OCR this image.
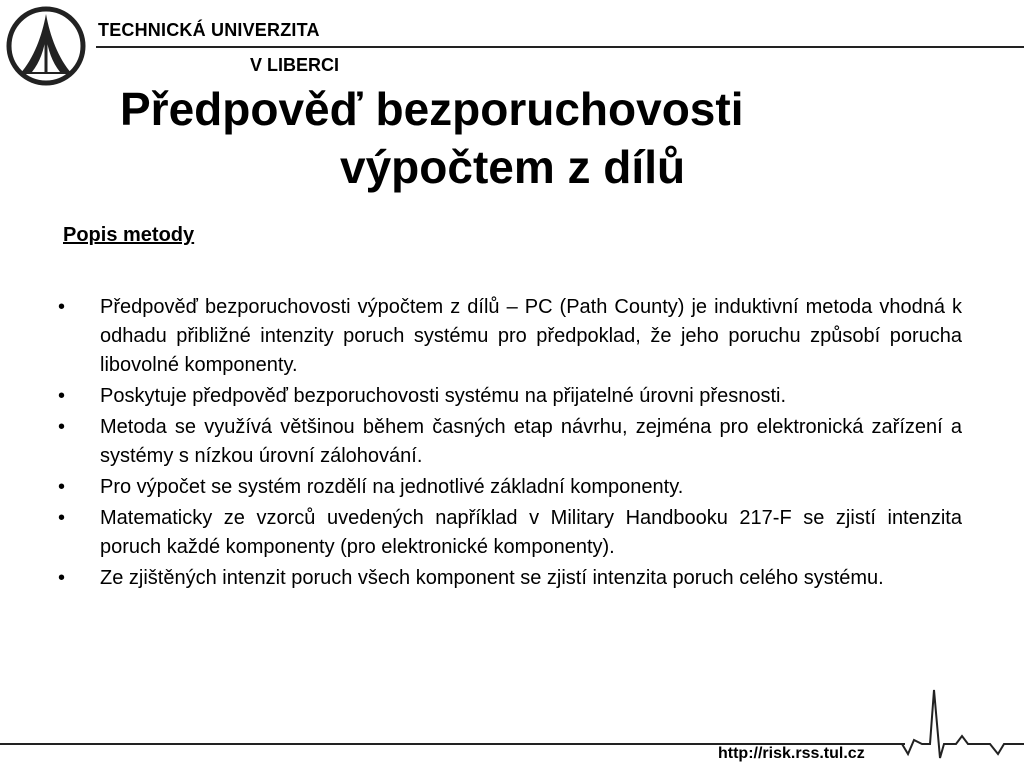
TECHNICKÁ UNIVERZITA
V LIBERCI
Předpověď bezporuchovosti
výpočtem z dílů
Popis metody
•	Předpověď bezporuchovosti výpočtem z dílů – PC (Path County) je induktivní metoda vhodná k odhadu přibližné intenzity poruch systému pro předpoklad, že jeho poruchu způsobí porucha libovolné komponenty.
•	Poskytuje předpověď bezporuchovosti systému na přijatelné úrovni přesnosti.
•	Metoda se využívá většinou během časných etap návrhu, zejména pro elektronická zařízení a systémy s nízkou úrovní zálohování.
•	Pro výpočet se systém rozdělí na jednotlivé základní komponenty.
•	Matematicky ze vzorců uvedených například v Military Handbooku 217-F se zjistí intenzita poruch každé komponenty (pro elektronické komponenty).
•	Ze zjištěných intenzit poruch všech komponent se zjistí intenzita poruch celého systému.
http://risk.rss.tul.cz
